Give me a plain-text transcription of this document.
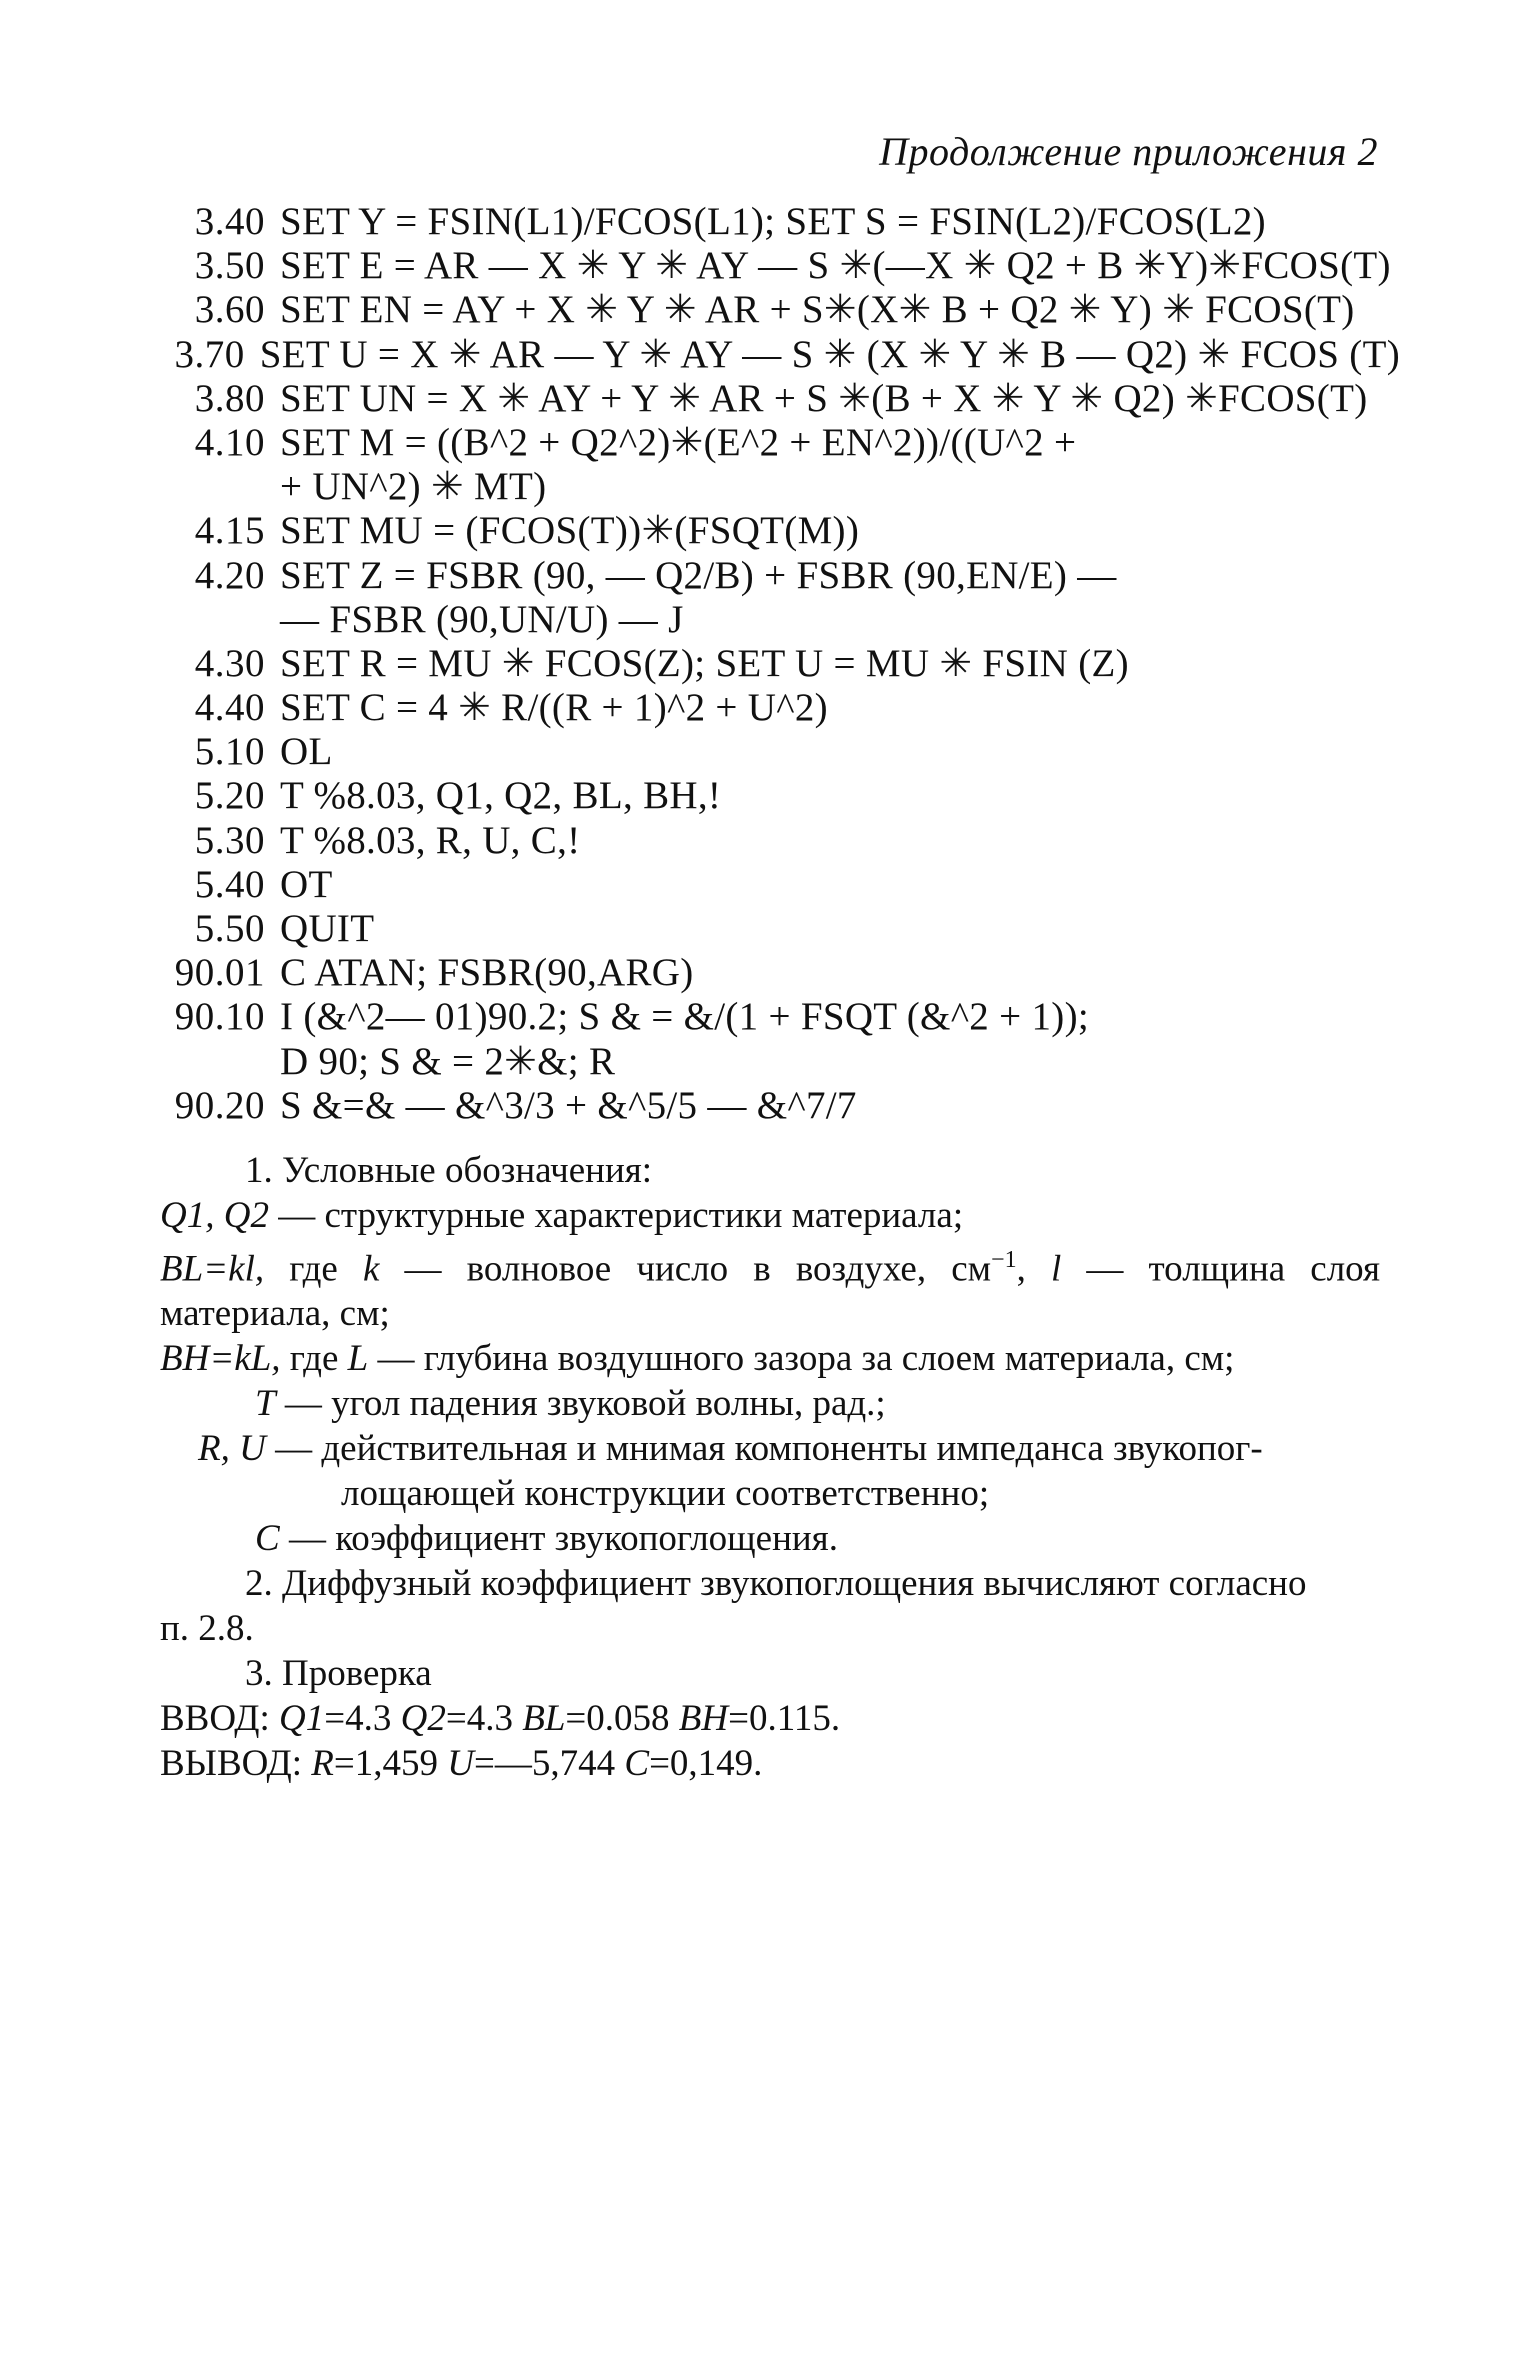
Продолжение приложения 2
3.40 SET Y = FSIN(L1)/FCOS(L1); SET S = FSIN(L2)/FCOS(L2)
3.50 SET E = AR — X ✳ Y ✳ AY — S ✳(—X ✳ Q2 + B ✳Y)✳FCOS(T)
3.60 SET EN = AY + X ✳ Y ✳ AR + S✳(X✳ B + Q2 ✳ Y) ✳ FCOS(T)
3.70 SET U = X ✳ AR — Y ✳ AY — S ✳ (X ✳ Y ✳ B — Q2) ✳ FCOS (T)
3.80 SET UN = X ✳ AY + Y ✳ AR + S ✳(B + X ✳ Y ✳ Q2) ✳FCOS(T)
4.10 SET M = ((B^2 + Q2^2)✳(E^2 + EN^2))/((U^2 +
+ UN^2) ✳ MT)
4.15 SET MU = (FCOS(T))✳(FSQT(M))
4.20 SET Z = FSBR (90, — Q2/B) + FSBR (90,EN/E) —
— FSBR (90,UN/U) — J
4.30 SET R = MU ✳ FCOS(Z); SET U = MU ✳ FSIN (Z)
4.40 SET C = 4 ✳ R/((R + 1)^2 + U^2)
5.10 OL
5.20 T %8.03, Q1, Q2, BL, BH,!
5.30 T %8.03, R, U, C,!
5.40 OT
5.50 QUIT
90.01 C ATAN; FSBR(90,ARG)
90.10 I (&^2— 01)90.2; S & = &/(1 + FSQT (&^2 + 1));
D 90; S & = 2✳&; R
90.20 S &=& — &^3/3 + &^5/5 — &^7/7

1. Условные обозначения:

Q1, Q2 — структурные характеристики материала;

BL=kl, где k — волновое число в воздухе, $см^{-1}$, l — толщина слоя

материала, см;

BH=kL, где L — глубина воздушного зазора за слоем материала, см;

T — угол падения звуковой волны, рад.;

R, U — действительная и мнимая компоненты импеданса звукопог-

лощающей конструкции соответственно;

C — коэффициент звукопоглощения.

2. Диффузный коэффициент звукопоглощения вычисляют согласно

п. 2.8.

3. Проверка

ВВОД: Q1=4.3 Q2=4.3 BL=0.058 BH=0.115.

ВЫВОД: R=1,459 U=—5,744 C=0,149.
